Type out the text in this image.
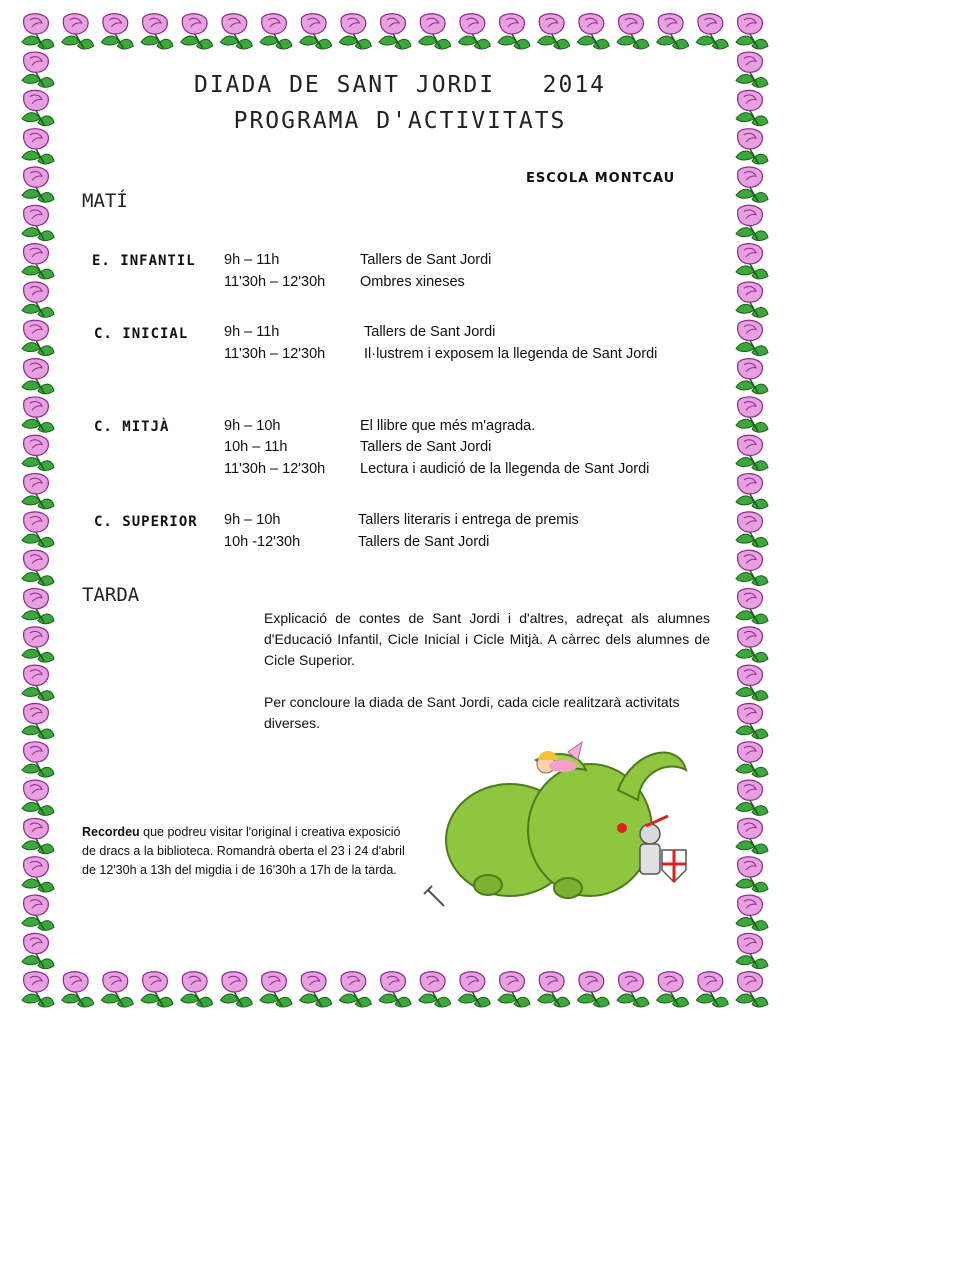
DIADA DE SANT JORDI   2014
PROGRAMA D'ACTIVITATS
ESCOLA MONTCAU
MATÍ
E. INFANTIL 9h – 11h	Tallers de Sant Jordi
11'30h – 12'30h Ombres xineses
C. INICIAL 9h – 11h	Tallers de Sant Jordi
11'30h – 12'30h	Il·lustrem i exposem la llegenda de Sant Jordi
C. MITJÀ	9h – 10h	El llibre que més m'agrada.
10h – 11h	Tallers de Sant Jordi
11'30h – 12'30h Lectura i audició de la llegenda de Sant Jordi
C. SUPERIOR 9h – 10h	Tallers literaris i entrega de premis
10h -12'30h	Tallers de Sant Jordi
TARDA
Explicació de contes de Sant Jordi i d'altres, adreçat als alumnes d'Educació Infantil, Cicle Inicial i Cicle Mitjà. A càrrec dels alumnes de Cicle Superior.
Per concloure la diada de Sant Jordi, cada cicle realitzarà activitats diverses.
Recordeu que podreu visitar l'original i creativa exposició de dracs a la biblioteca. Romandrà oberta el 23 i 24 d'abril de 12'30h a 13h del migdia i de 16'30h a 17h de la tarda.
